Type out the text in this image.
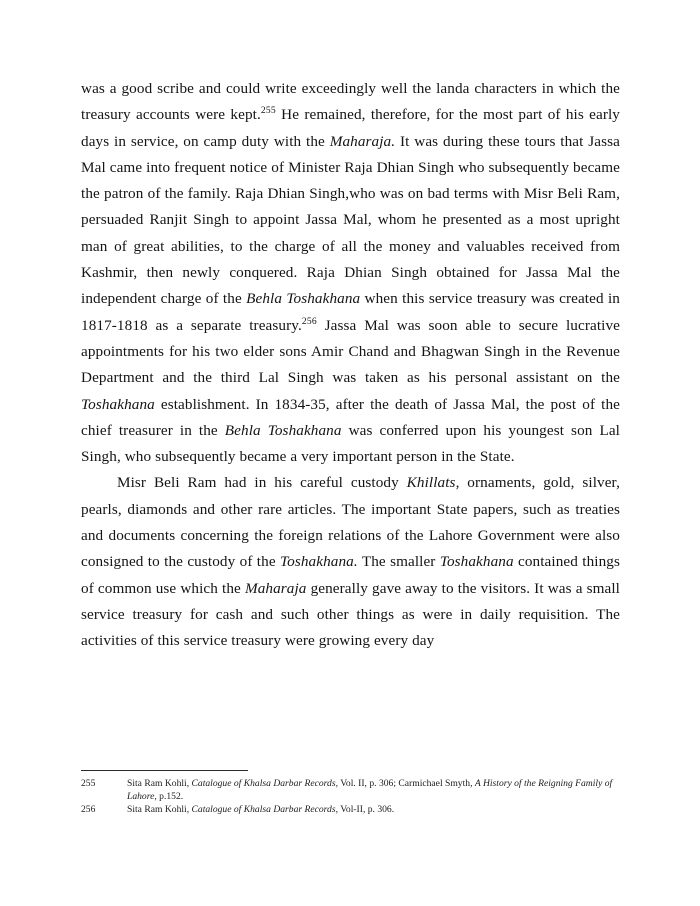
was a good scribe and could write exceedingly well the landa characters in which the treasury accounts were kept.$^{255}$ He remained, therefore, for the most part of his early days in service, on camp duty with the Maharaja. It was during these tours that Jassa Mal came into frequent notice of Minister Raja Dhian Singh who subsequently became the patron of the family. Raja Dhian Singh,who was on bad terms with Misr Beli Ram, persuaded Ranjit Singh to appoint Jassa Mal, whom he presented as a most upright man of great abilities, to the charge of all the money and valuables received from Kashmir, then newly conquered. Raja Dhian Singh obtained for Jassa Mal the independent charge of the Behla Toshakhana when this service treasury was created in 1817-1818 as a separate treasury.$^{256}$ Jassa Mal was soon able to secure lucrative appointments for his two elder sons Amir Chand and Bhagwan Singh in the Revenue Department and the third Lal Singh was taken as his personal assistant on the Toshakhana establishment. In 1834-35, after the death of Jassa Mal, the post of the chief treasurer in the Behla Toshakhana was conferred upon his youngest son Lal Singh, who subsequently became a very important person in the State.

Misr Beli Ram had in his careful custody Khillats, ornaments, gold, silver, pearls, diamonds and other rare articles. The important State papers, such as treaties and documents concerning the foreign relations of the Lahore Government were also consigned to the custody of the Toshakhana. The smaller Toshakhana contained things of common use which the Maharaja generally gave away to the visitors. It was a small service treasury for cash and such other things as were in daily requisition. The activities of this service treasury were growing every day

255	Sita Ram Kohli, Catalogue of Khalsa Darbar Records, Vol. II, p. 306; Carmichael Smyth, A History of the Reigning Family of Lahore, p.152.
256	Sita Ram Kohli, Catalogue of Khalsa Darbar Records, Vol-II, p. 306.
